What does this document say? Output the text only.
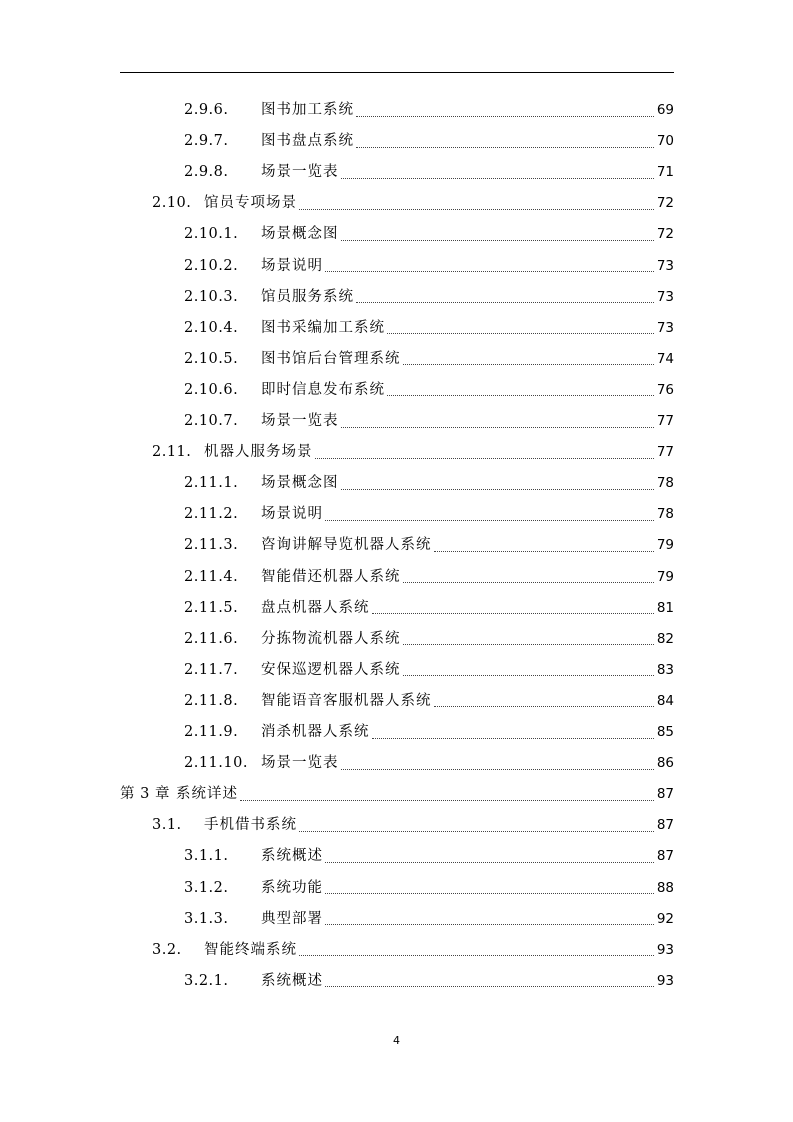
2.9.6.	图书加工系统	69
2.9.7.	图书盘点系统	70
2.9.8.	场景一览表	71
2.10. 馆员专项场景	72
2.10.1.	场景概念图	72
2.10.2.	场景说明	73
2.10.3.	馆员服务系统	73
2.10.4.	图书采编加工系统	73
2.10.5.	图书馆后台管理系统	74
2.10.6.	即时信息发布系统	76
2.10.7.	场景一览表	77
2.11. 机器人服务场景	77
2.11.1.	场景概念图	78
2.11.2.	场景说明	78
2.11.3.	咨询讲解导览机器人系统	79
2.11.4.	智能借还机器人系统	79
2.11.5.	盘点机器人系统	81
2.11.6.	分拣物流机器人系统	82
2.11.7.	安保巡逻机器人系统	83
2.11.8.	智能语音客服机器人系统	84
2.11.9.	消杀机器人系统	85
2.11.10. 场景一览表	86
第 3 章 系统详述	87
3.1.	手机借书系统	87
3.1.1.	系统概述	87
3.1.2.	系统功能	88
3.1.3.	典型部署	92
3.2.	智能终端系统	93
3.2.1.	系统概述	93
4
